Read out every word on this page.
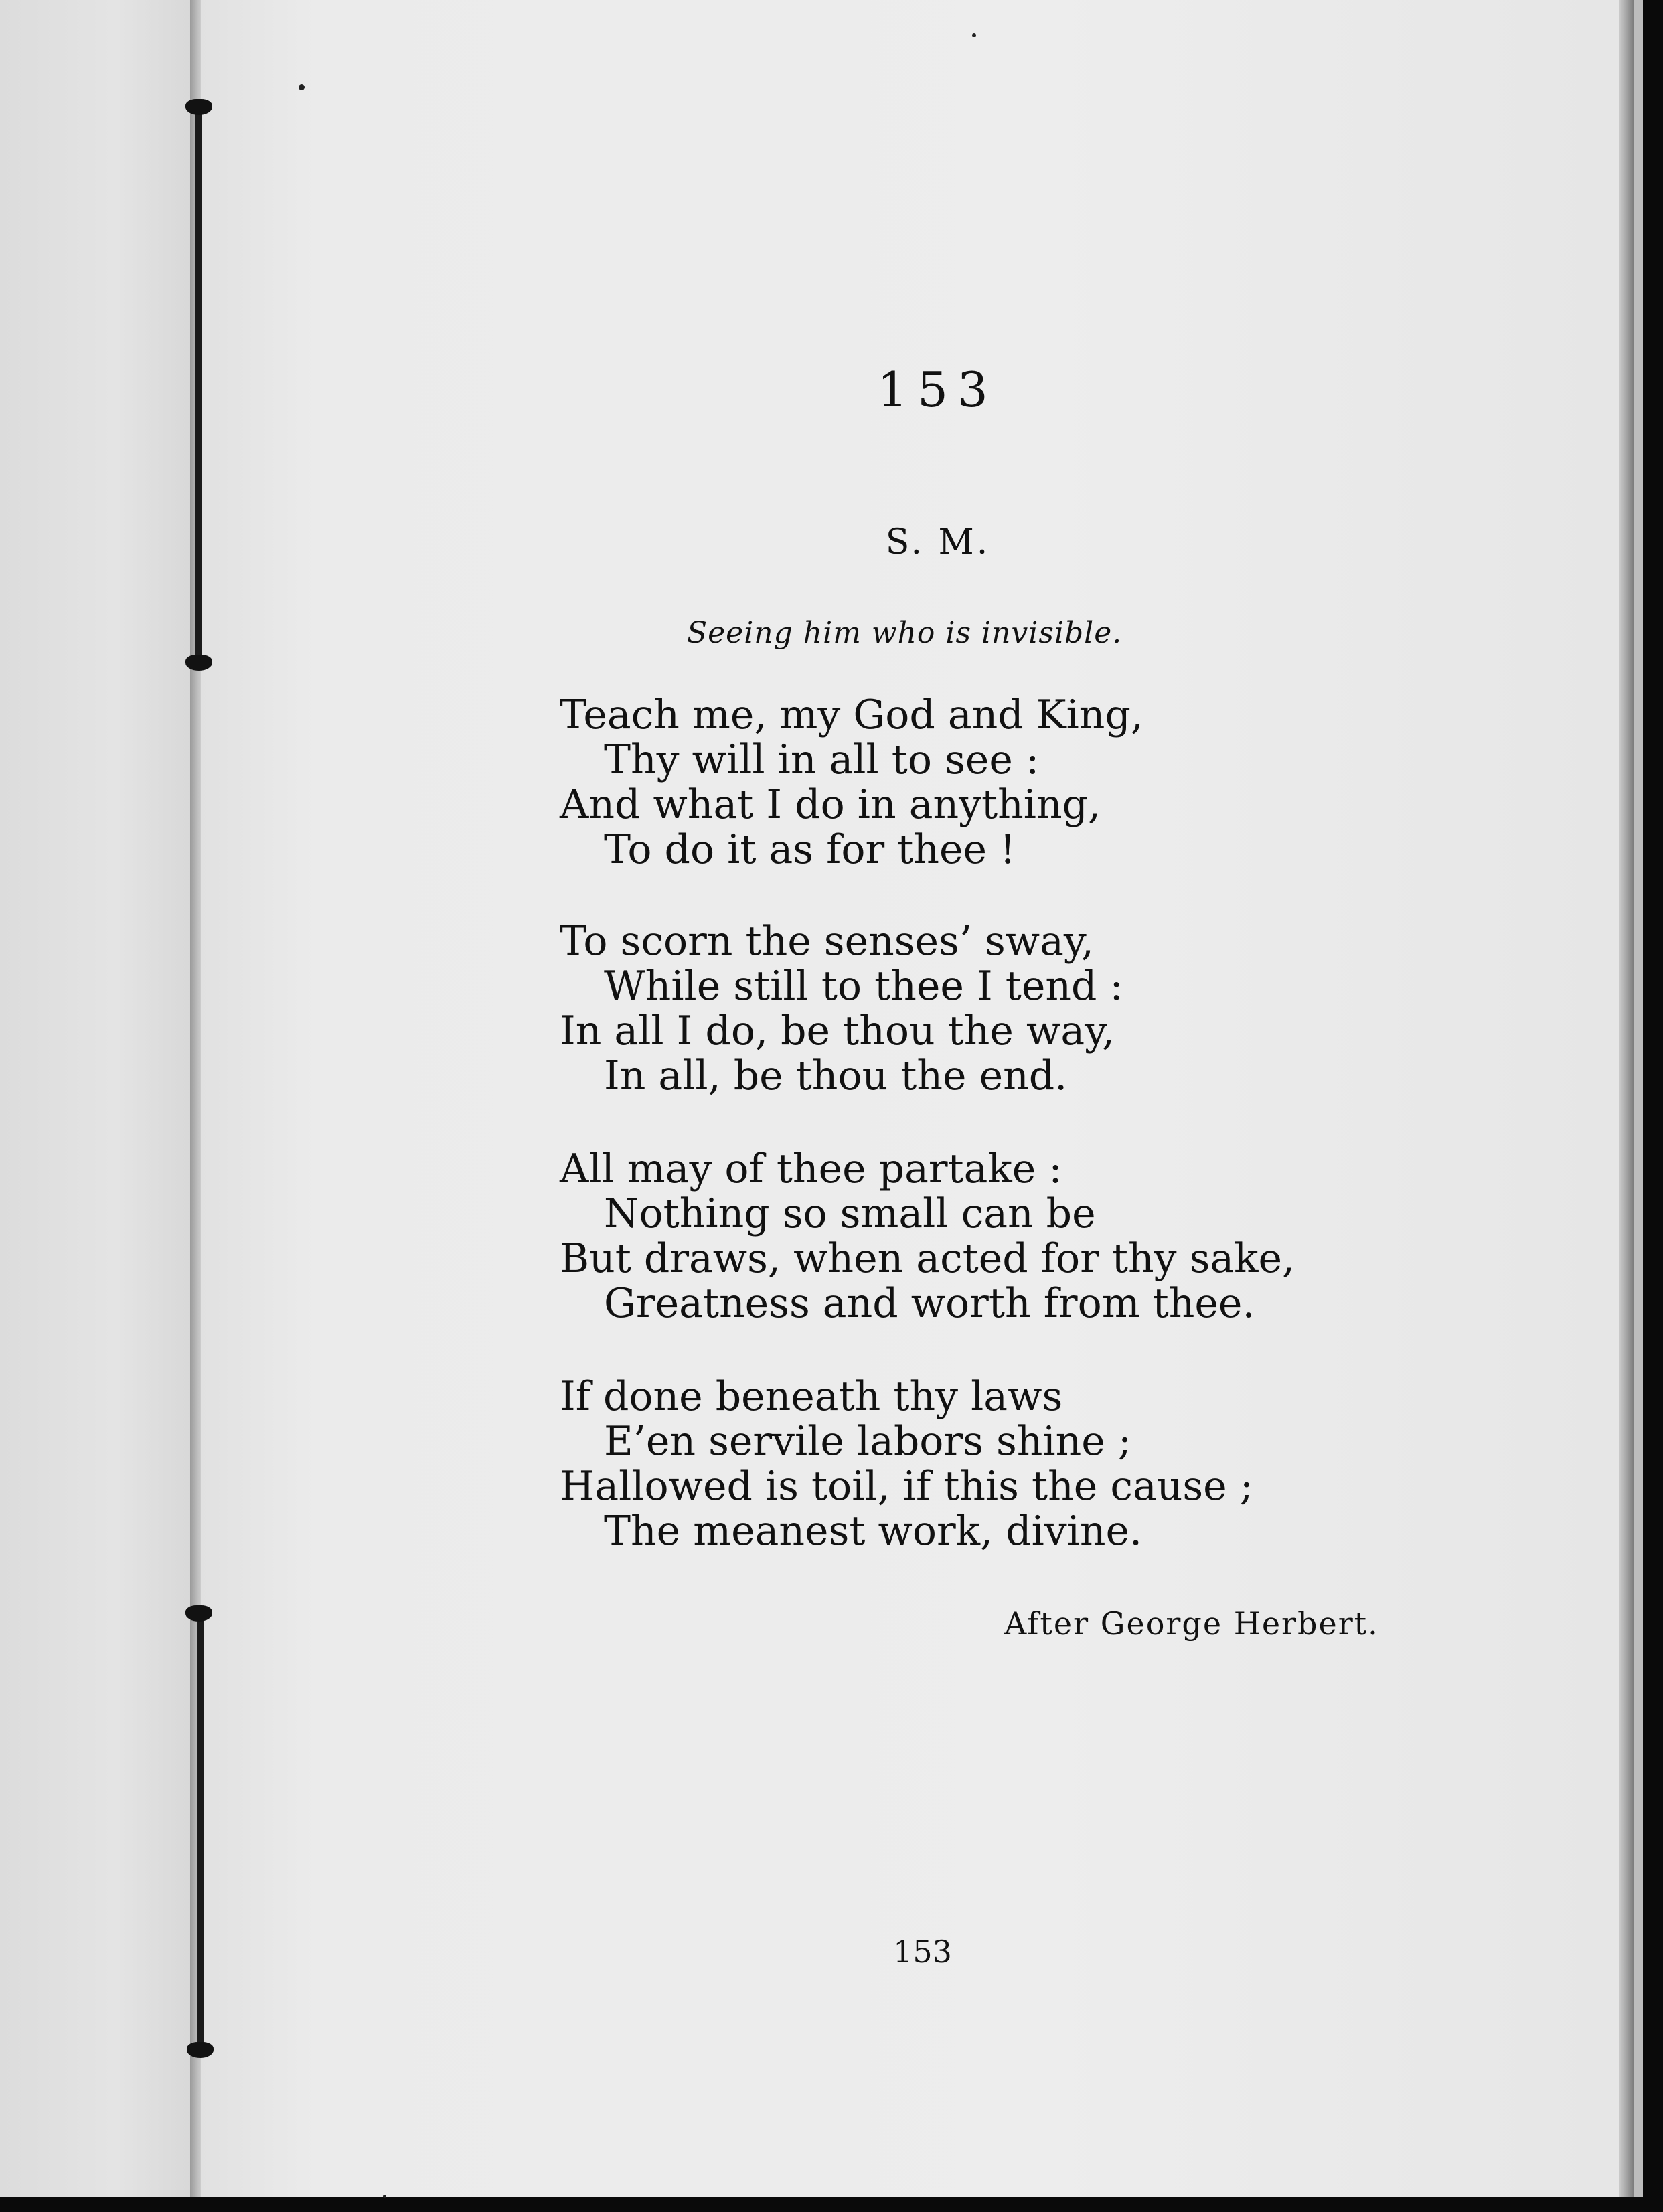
153
S. M.
Seeing him who is invisible.
Teach me, my God and King,
Thy will in all to see :
And what I do in anything,
To do it as for thee !
To scorn the senses’ sway,
While still to thee I tend :
In all I do, be thou the way,
In all, be thou the end.
All may of thee partake :
Nothing so small can be
But draws, when acted for thy sake,
Greatness and worth from thee.
If done beneath thy laws
E’en servile labors shine ;
Hallowed is toil, if this the cause ;
The meanest work, divine.
After George Herbert.
153
